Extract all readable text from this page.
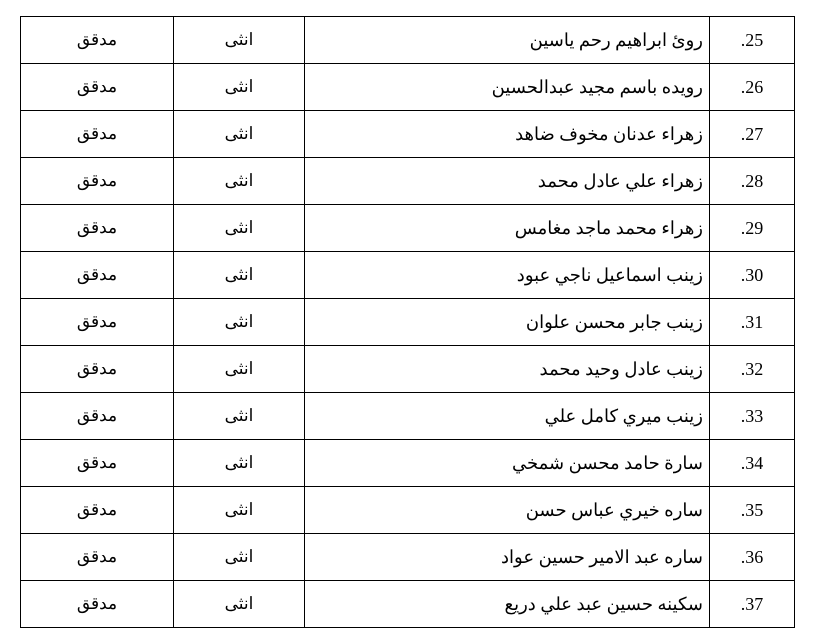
.25	روئ ابراهيم رحم ياسين	انثى	مدقق
.26	رويده باسم مجيد عبدالحسين	انثى	مدقق
.27	زهراء عدنان مخوف ضاهد	انثى	مدقق
.28	زهراء علي عادل محمد	انثى	مدقق
.29	زهراء محمد ماجد مغامس	انثى	مدقق
.30	زينب اسماعيل ناجي عبود	انثى	مدقق
.31	زينب جابر محسن علوان	انثى	مدقق
.32	زينب عادل وحيد محمد	انثى	مدقق
.33	زينب ميري كامل علي	انثى	مدقق
.34	سارة حامد محسن شمخي	انثى	مدقق
.35	ساره خيري عباس حسن	انثى	مدقق
.36	ساره عبد الامير حسين عواد	انثى	مدقق
.37	سكينه حسين عبد علي دريع	انثى	مدقق
